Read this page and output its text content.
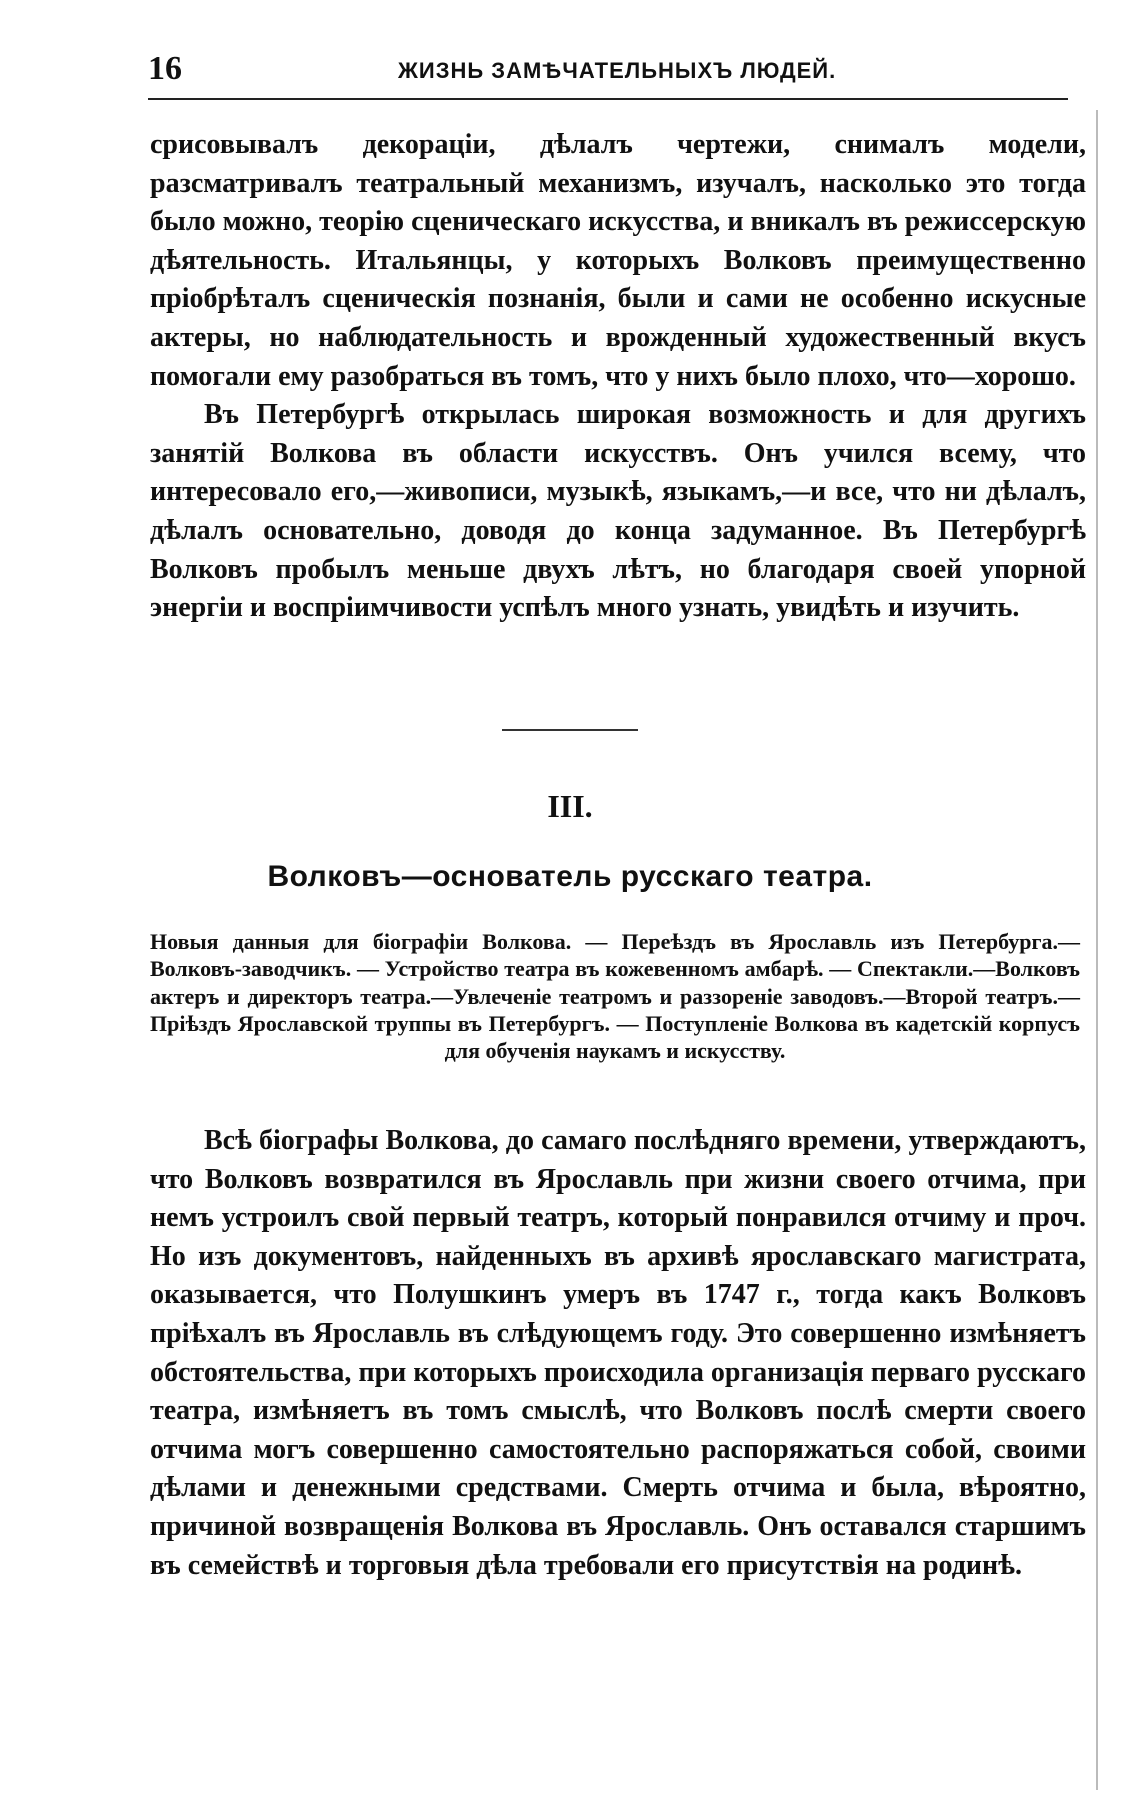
16	ЖИЗНЬ ЗАМѢЧАТЕЛЬНЫХЪ ЛЮДЕЙ.

срисовывалъ декораціи, дѣлалъ чертежи, снималъ модели, разсматривалъ театральный механизмъ, изучалъ, насколько это тогда было можно, теорію сценическаго искусства, и вникалъ въ режиссерскую дѣятельность. Итальянцы, у которыхъ Волковъ преимущественно пріобрѣталъ сценическія познанія, были и сами не особенно искусные актеры, но наблюдательность и врожденный художественный вкусъ помогали ему разобраться въ томъ, что у нихъ было плохо, что—хорошо.

Въ Петербургѣ открылась широкая возможность и для другихъ занятій Волкова въ области искусствъ. Онъ учился всему, что интересовало его,—живописи, музыкѣ, языкамъ,—и все, что ни дѣлалъ, дѣлалъ основательно, доводя до конца задуманное. Въ Петербургѣ Волковъ пробылъ меньше двухъ лѣтъ, но благодаря своей упорной энергіи и воспріимчивости успѣлъ много узнать, увидѣть и изучить.

III.
Волковъ—основатель русскаго театра.
Новыя данныя для біографіи Волкова. — Переѣздъ въ Ярославль изъ Петербурга.—Волковъ-заводчикъ. — Устройство театра въ кожевенномъ амбарѣ. — Спектакли.—Волковъ актеръ и директоръ театра.—Увлеченіе театромъ и раззореніе заводовъ.—Второй театръ.—Пріѣздъ Ярославской труппы въ Петербургъ. — Поступленіе Волкова въ кадетскій корпусъ для обученія наукамъ и искусству.

Всѣ біографы Волкова, до самаго послѣдняго времени, утверждаютъ, что Волковъ возвратился въ Ярославль при жизни своего отчима, при немъ устроилъ свой первый театръ, который понравился отчиму и проч. Но изъ документовъ, найденныхъ въ архивѣ ярославскаго магистрата, оказывается, что Полушкинъ умеръ въ 1747 г., тогда какъ Волковъ пріѣхалъ въ Ярославль въ слѣдующемъ году. Это совершенно измѣняетъ обстоятельства, при которыхъ происходила организація перваго русскаго театра, измѣняетъ въ томъ смыслѣ, что Волковъ послѣ смерти своего отчима могъ совершенно самостоятельно распоряжаться собой, своими дѣлами и денежными средствами. Смерть отчима и была, вѣроятно, причиной возвращенія Волкова въ Ярославль. Онъ оставался старшимъ въ семействѣ и торговыя дѣла требовали его присутствія на родинѣ.
